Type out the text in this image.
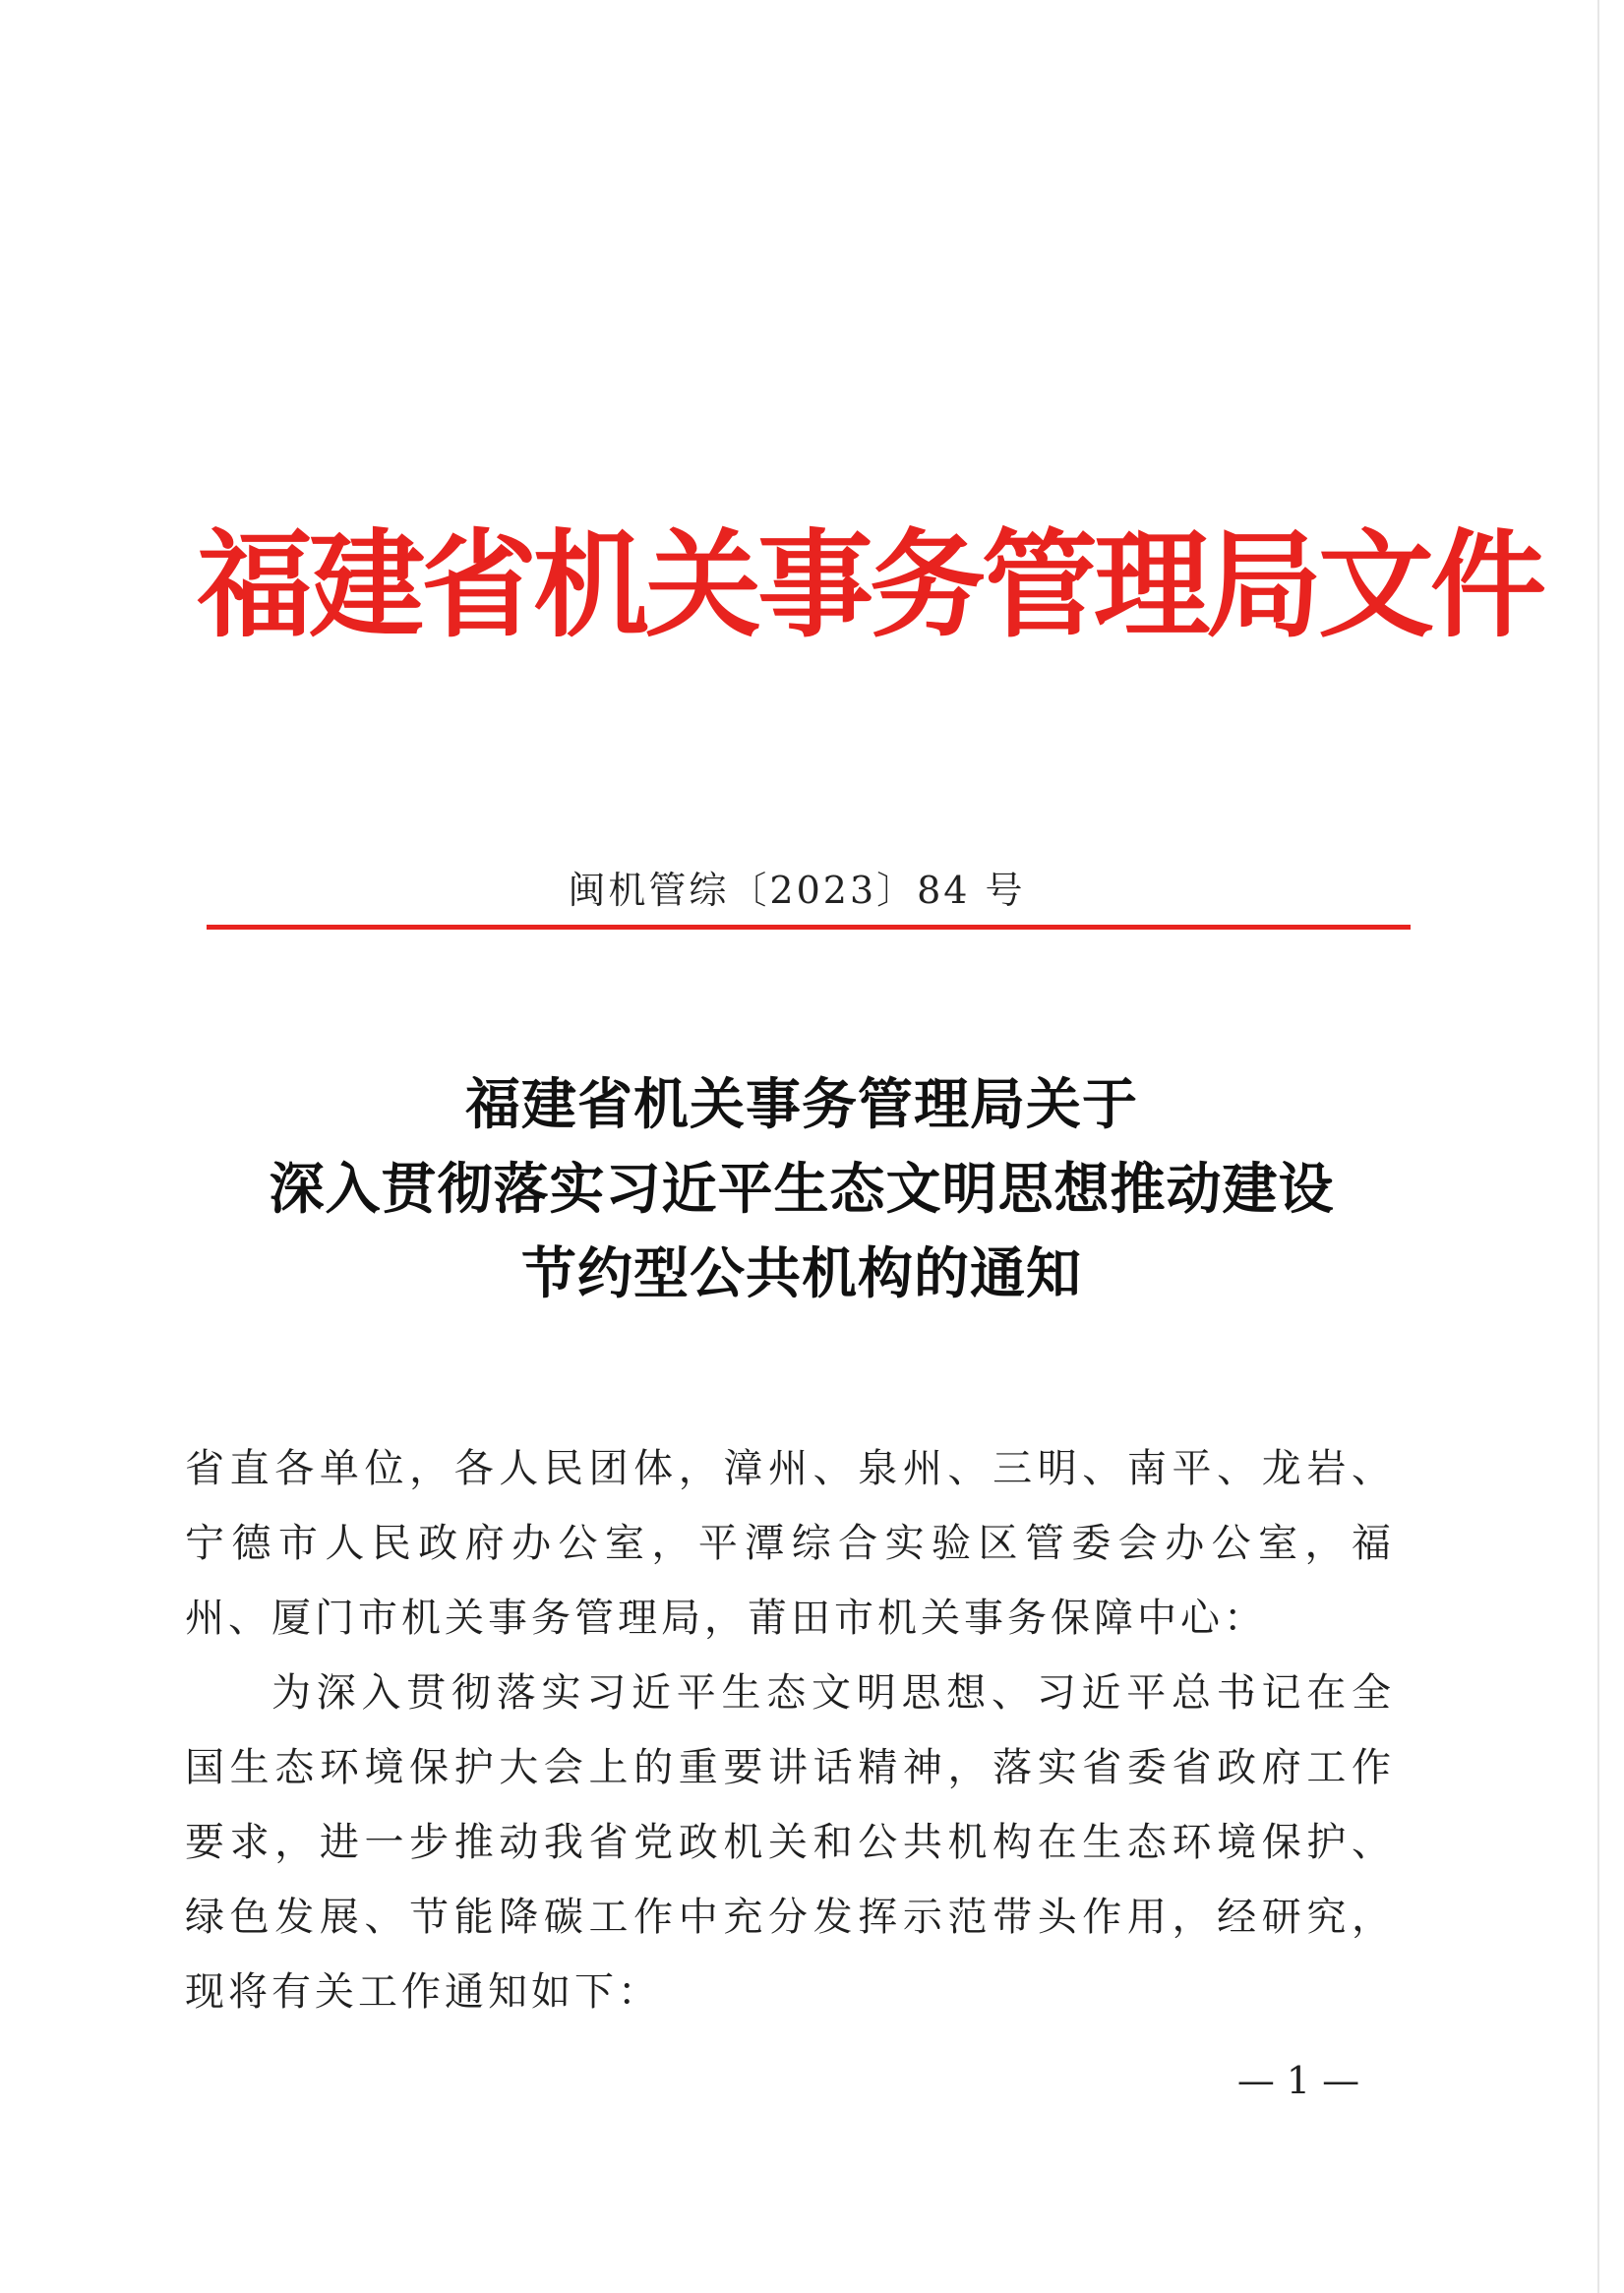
福建省机关事务管理局文件
闽机管综〔2023〕84 号
福建省机关事务管理局关于
深入贯彻落实习近平生态文明思想推动建设
节约型公共机构的通知

省直各单位，各人民团体，漳州、泉州、三明、南平、龙岩、宁德市人民政府办公室，平潭综合实验区管委会办公室，福州、厦门市机关事务管理局，莆田市机关事务保障中心：

为深入贯彻落实习近平生态文明思想、习近平总书记在全国生态环境保护大会上的重要讲话精神，落实省委省政府工作要求，进一步推动我省党政机关和公共机构在生态环境保护、绿色发展、节能降碳工作中充分发挥示范带头作用，经研究，现将有关工作通知如下：

— 1 —
